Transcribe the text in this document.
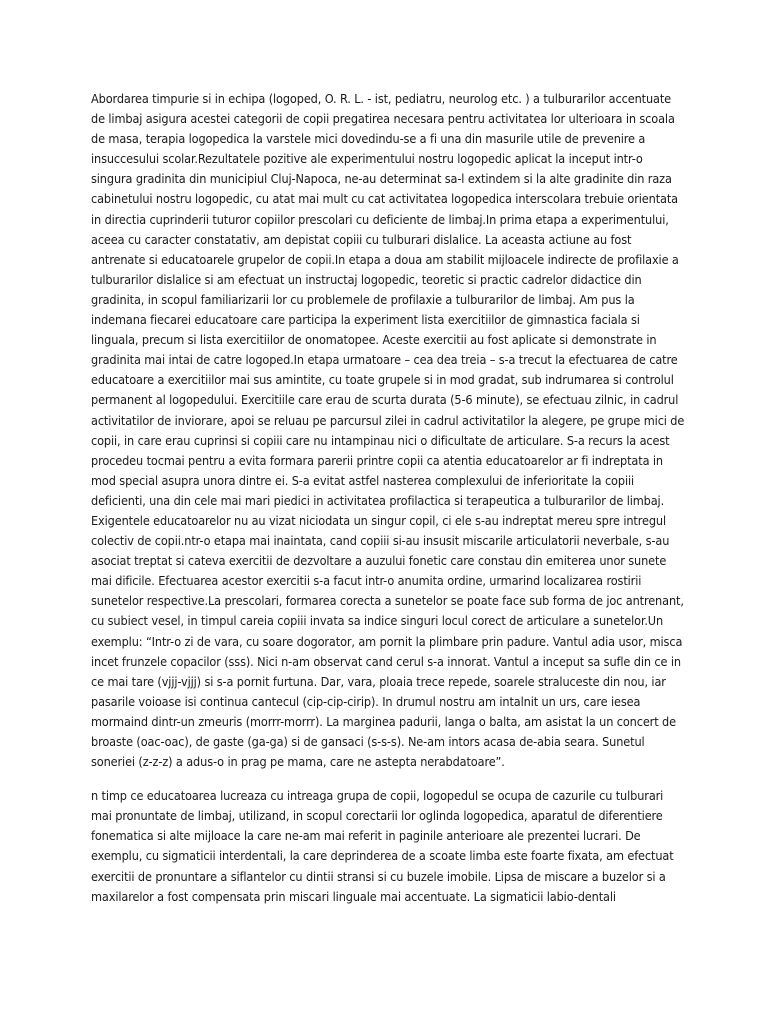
Abordarea timpurie si in echipa (logoped, O. R. L. - ist, pediatru, neurolog etc. ) a tulburarilor accentuate de limbaj asigura acestei categorii de copii pregatirea necesara pentru activitatea lor ulterioara in scoala de masa, terapia logopedica la varstele mici dovedindu-se a fi una din masurile utile de prevenire a insuccesului scolar.Rezultatele pozitive ale experimentului nostru logopedic aplicat la inceput intr-o singura gradinita din municipiul Cluj-Napoca, ne-au determinat sa-l extindem si la alte gradinite din raza cabinetului nostru logopedic, cu atat mai mult cu cat activitatea logopedica interscolara trebuie orientata in directia cuprinderii tuturor copiilor prescolari cu deficiente de limbaj.In prima etapa a experimentului, aceea cu caracter constatativ, am depistat copiii cu tulburari dislalice. La aceasta actiune au fost antrenate si educatoarele grupelor de copii.In etapa a doua am stabilit mijloacele indirecte de profilaxie a tulburarilor dislalice si am efectuat un instructaj logopedic, teoretic si practic cadrelor didactice din gradinita, in scopul familiarizarii lor cu problemele de profilaxie a tulburarilor de limbaj. Am pus la indemana fiecarei educatoare care participa la experiment lista exercitiilor de gimnastica faciala si linguala, precum si lista exercitiilor de onomatopee. Aceste exercitii au fost aplicate si demonstrate in gradinita mai intai de catre logoped.In etapa urmatoare – cea dea treia – s-a trecut la efectuarea de catre educatoare a exercitiilor mai sus amintite, cu toate grupele si in mod gradat, sub indrumarea si controlul permanent al logopedului. Exercitiile care erau de scurta durata (5-6 minute), se efectuau zilnic, in cadrul activitatilor de inviorare, apoi se reluau pe parcursul zilei in cadrul activitatilor la alegere, pe grupe mici de copii, in care erau cuprinsi si copiii care nu intampinau nici o dificultate de articulare. S-a recurs la acest procedeu tocmai pentru a evita formara parerii printre copii ca atentia educatoarelor ar fi indreptata in mod special asupra unora dintre ei. S-a evitat astfel nasterea complexului de inferioritate la copiii deficienti, una din cele mai mari piedici in activitatea profilactica si terapeutica a tulburarilor de limbaj. Exigentele educatoarelor nu au vizat niciodata un singur copil, ci ele s-au indreptat mereu spre intregul colectiv de copii.ntr-o etapa mai inaintata, cand copiii si-au insusit miscarile articulatorii neverbale, s-au asociat treptat si cateva exercitii de dezvoltare a auzului fonetic care constau din emiterea unor sunete mai dificile. Efectuarea acestor exercitii s-a facut intr-o anumita ordine, urmarind localizarea rostirii sunetelor respective.La prescolari, formarea corecta a sunetelor se poate face sub forma de joc antrenant, cu subiect vesel, in timpul careia copiii invata sa indice singuri locul corect de articulare a sunetelor.Un exemplu: “Intr-o zi de vara, cu soare dogorator, am pornit la plimbare prin padure. Vantul adia usor, misca incet frunzele copacilor (sss). Nici n-am observat cand cerul s-a innorat. Vantul a inceput sa sufle din ce in ce mai tare (vjjj-vjjj) si s-a pornit furtuna. Dar, vara, ploaia trece repede, soarele straluceste din nou, iar pasarile voioase isi continua cantecul (cip-cip-cirip). In drumul nostru am intalnit un urs, care iesea mormaind dintr-un zmeuris (morrr-morrr). La marginea padurii, langa o balta, am asistat la un concert de broaste (oac-oac), de gaste (ga-ga) si de gansaci (s-s-s). Ne-am intors acasa de-abia seara. Sunetul soneriei (z-z-z) a adus-o in prag pe mama, care ne astepta nerabdatoare”.

n timp ce educatoarea lucreaza cu intreaga grupa de copii, logopedul se ocupa de cazurile cu tulburari mai pronuntate de limbaj, utilizand, in scopul corectarii lor oglinda logopedica, aparatul de diferentiere fonematica si alte mijloace la care ne-am mai referit in paginile anterioare ale prezentei lucrari. De exemplu, cu sigmaticii interdentali, la care deprinderea de a scoate limba este foarte fixata, am efectuat exercitii de pronuntare a siflantelor cu dintii stransi si cu buzele imobile. Lipsa de miscare a buzelor si a maxilarelor a fost compensata prin miscari linguale mai accentuate. La sigmaticii labio-dentali
